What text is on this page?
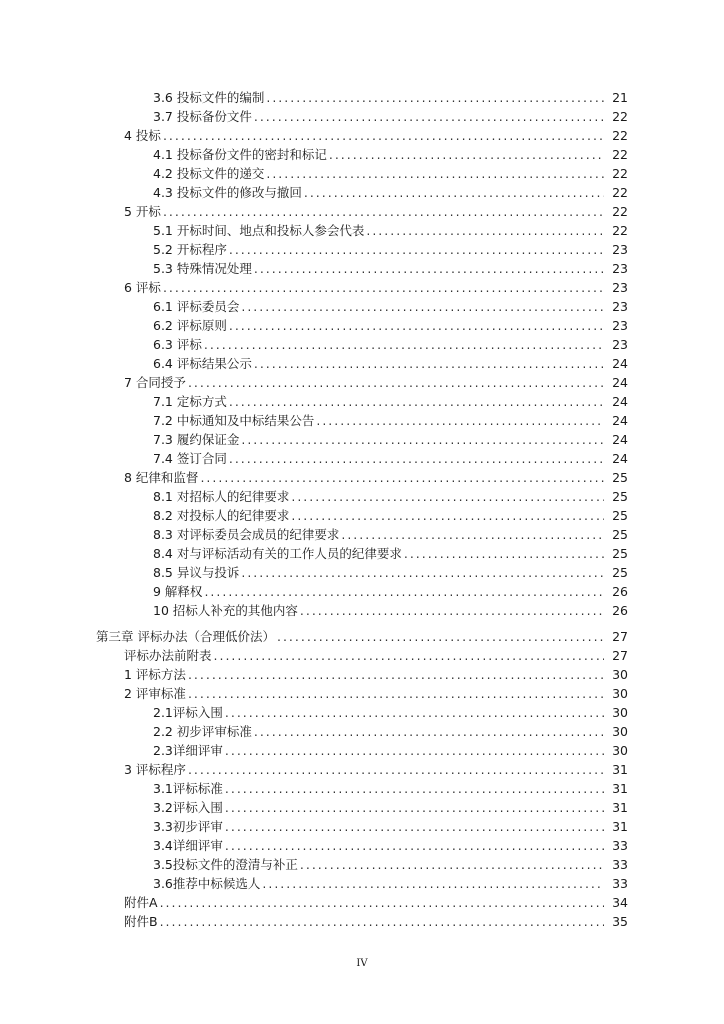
3.6 投标文件的编制 .....	21
3.7 投标备份文件 .....	22
4 投标 .....	22
4.1 投标备份文件的密封和标记 .....	22
4.2 投标文件的递交 .....	22
4.3 投标文件的修改与撤回 .....	22
5 开标 .....	22
5.1 开标时间、地点和投标人参会代表 .....	22
5.2 开标程序 .....	23
5.3 特殊情况处理 .....	23
6 评标 .....	23
6.1 评标委员会 .....	23
6.2 评标原则 .....	23
6.3 评标 .....	23
6.4 评标结果公示 .....	24
7 合同授予 .....	24
7.1 定标方式 .....	24
7.2 中标通知及中标结果公告 .....	24
7.3 履约保证金 .....	24
7.4 签订合同 .....	24
8 纪律和监督 .....	25
8.1 对招标人的纪律要求 .....	25
8.2 对投标人的纪律要求 .....	25
8.3 对评标委员会成员的纪律要求 .....	25
8.4 对与评标活动有关的工作人员的纪律要求 .....	25
8.5 异议与投诉 .....	25
9 解释权 .....	26
10 招标人补充的其他内容 .....	26
第三章 评标办法（合理低价法） .....	27
评标办法前附表 .....	27
1 评标方法 .....	30
2 评审标准 .....	30
2.1评标入围 .....	30
2.2 初步评审标准 .....	30
2.3详细评审 .....	30
3 评标程序 .....	31
3.1评标标准 .....	31
3.2评标入围 .....	31
3.3初步评审 .....	31
3.4详细评审 .....	33
3.5投标文件的澄清与补正 .....	33
3.6推荐中标候选人 .....	33
附件A .....	34
附件B .....	35
IV
